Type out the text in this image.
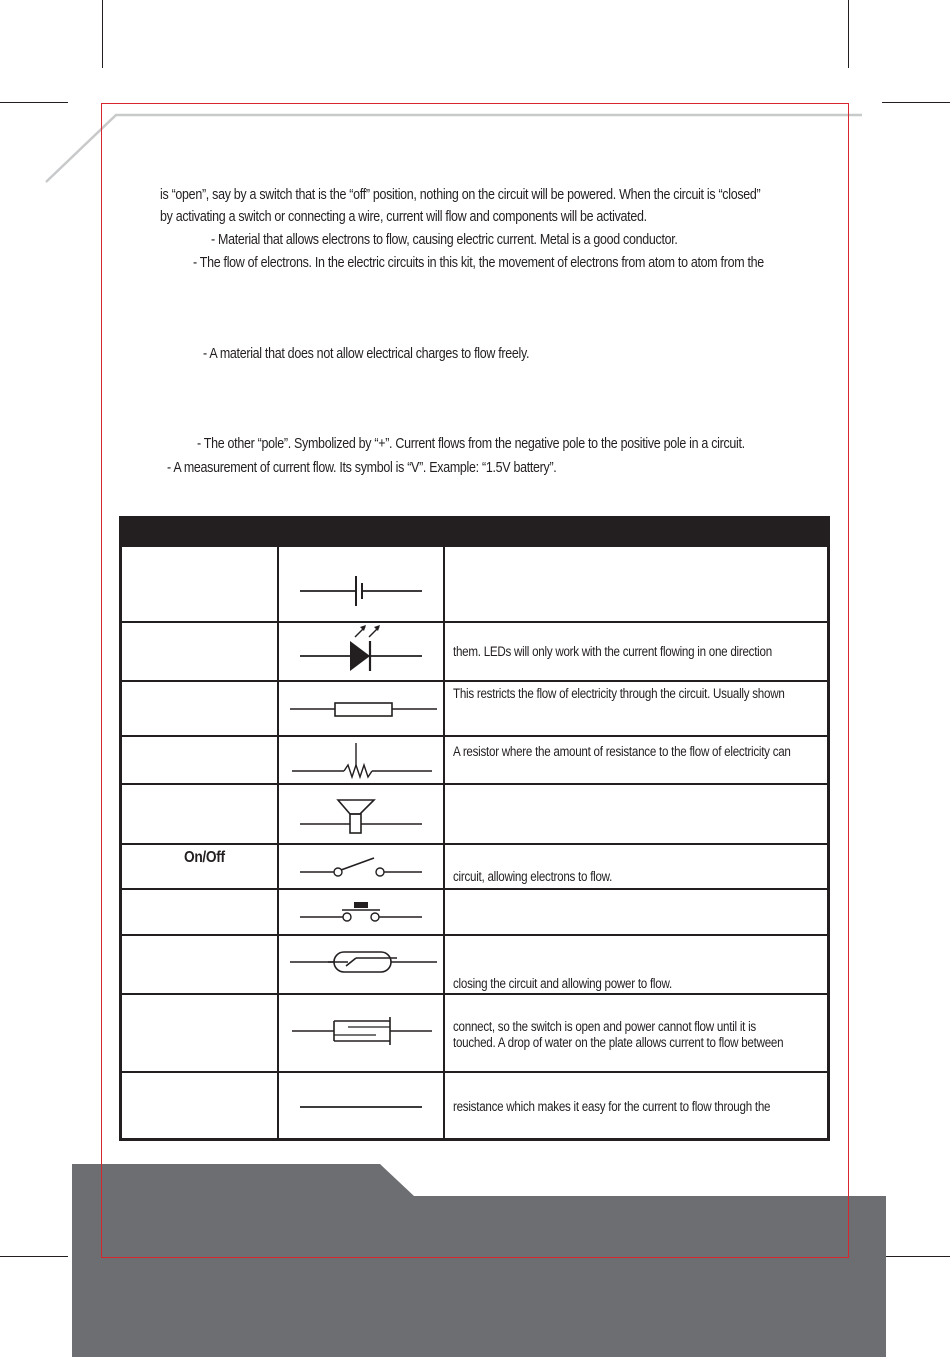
is “open”, say by a switch that is the “off” position, nothing on the circuit will be powered. When the circuit is “closed”
by activating a switch or connecting a wire, current will flow and components will be activated.
- Material that allows electrons to flow, causing electric current. Metal is a good conductor.
- The flow of electrons. In the electric circuits in this kit, the movement of electrons from atom to atom from the
- A material that does not allow electrical charges to flow freely.
- The other “pole”. Symbolized by “+”. Current flows from the negative pole to the positive pole in a circuit.
- A measurement of current flow. Its symbol is “V”. Example: “1.5V battery”.
them. LEDs will only work with the current flowing in one direction
This restricts the flow of electricity through the circuit. Usually shown
A resistor where the amount of resistance to the flow of electricity can
On/Off
circuit, allowing electrons to flow.
closing the circuit and allowing power to flow.
connect, so the switch is open and power cannot flow until it is
touched. A drop of water on the plate allows current to flow between
resistance which makes it easy for the current to flow through the
